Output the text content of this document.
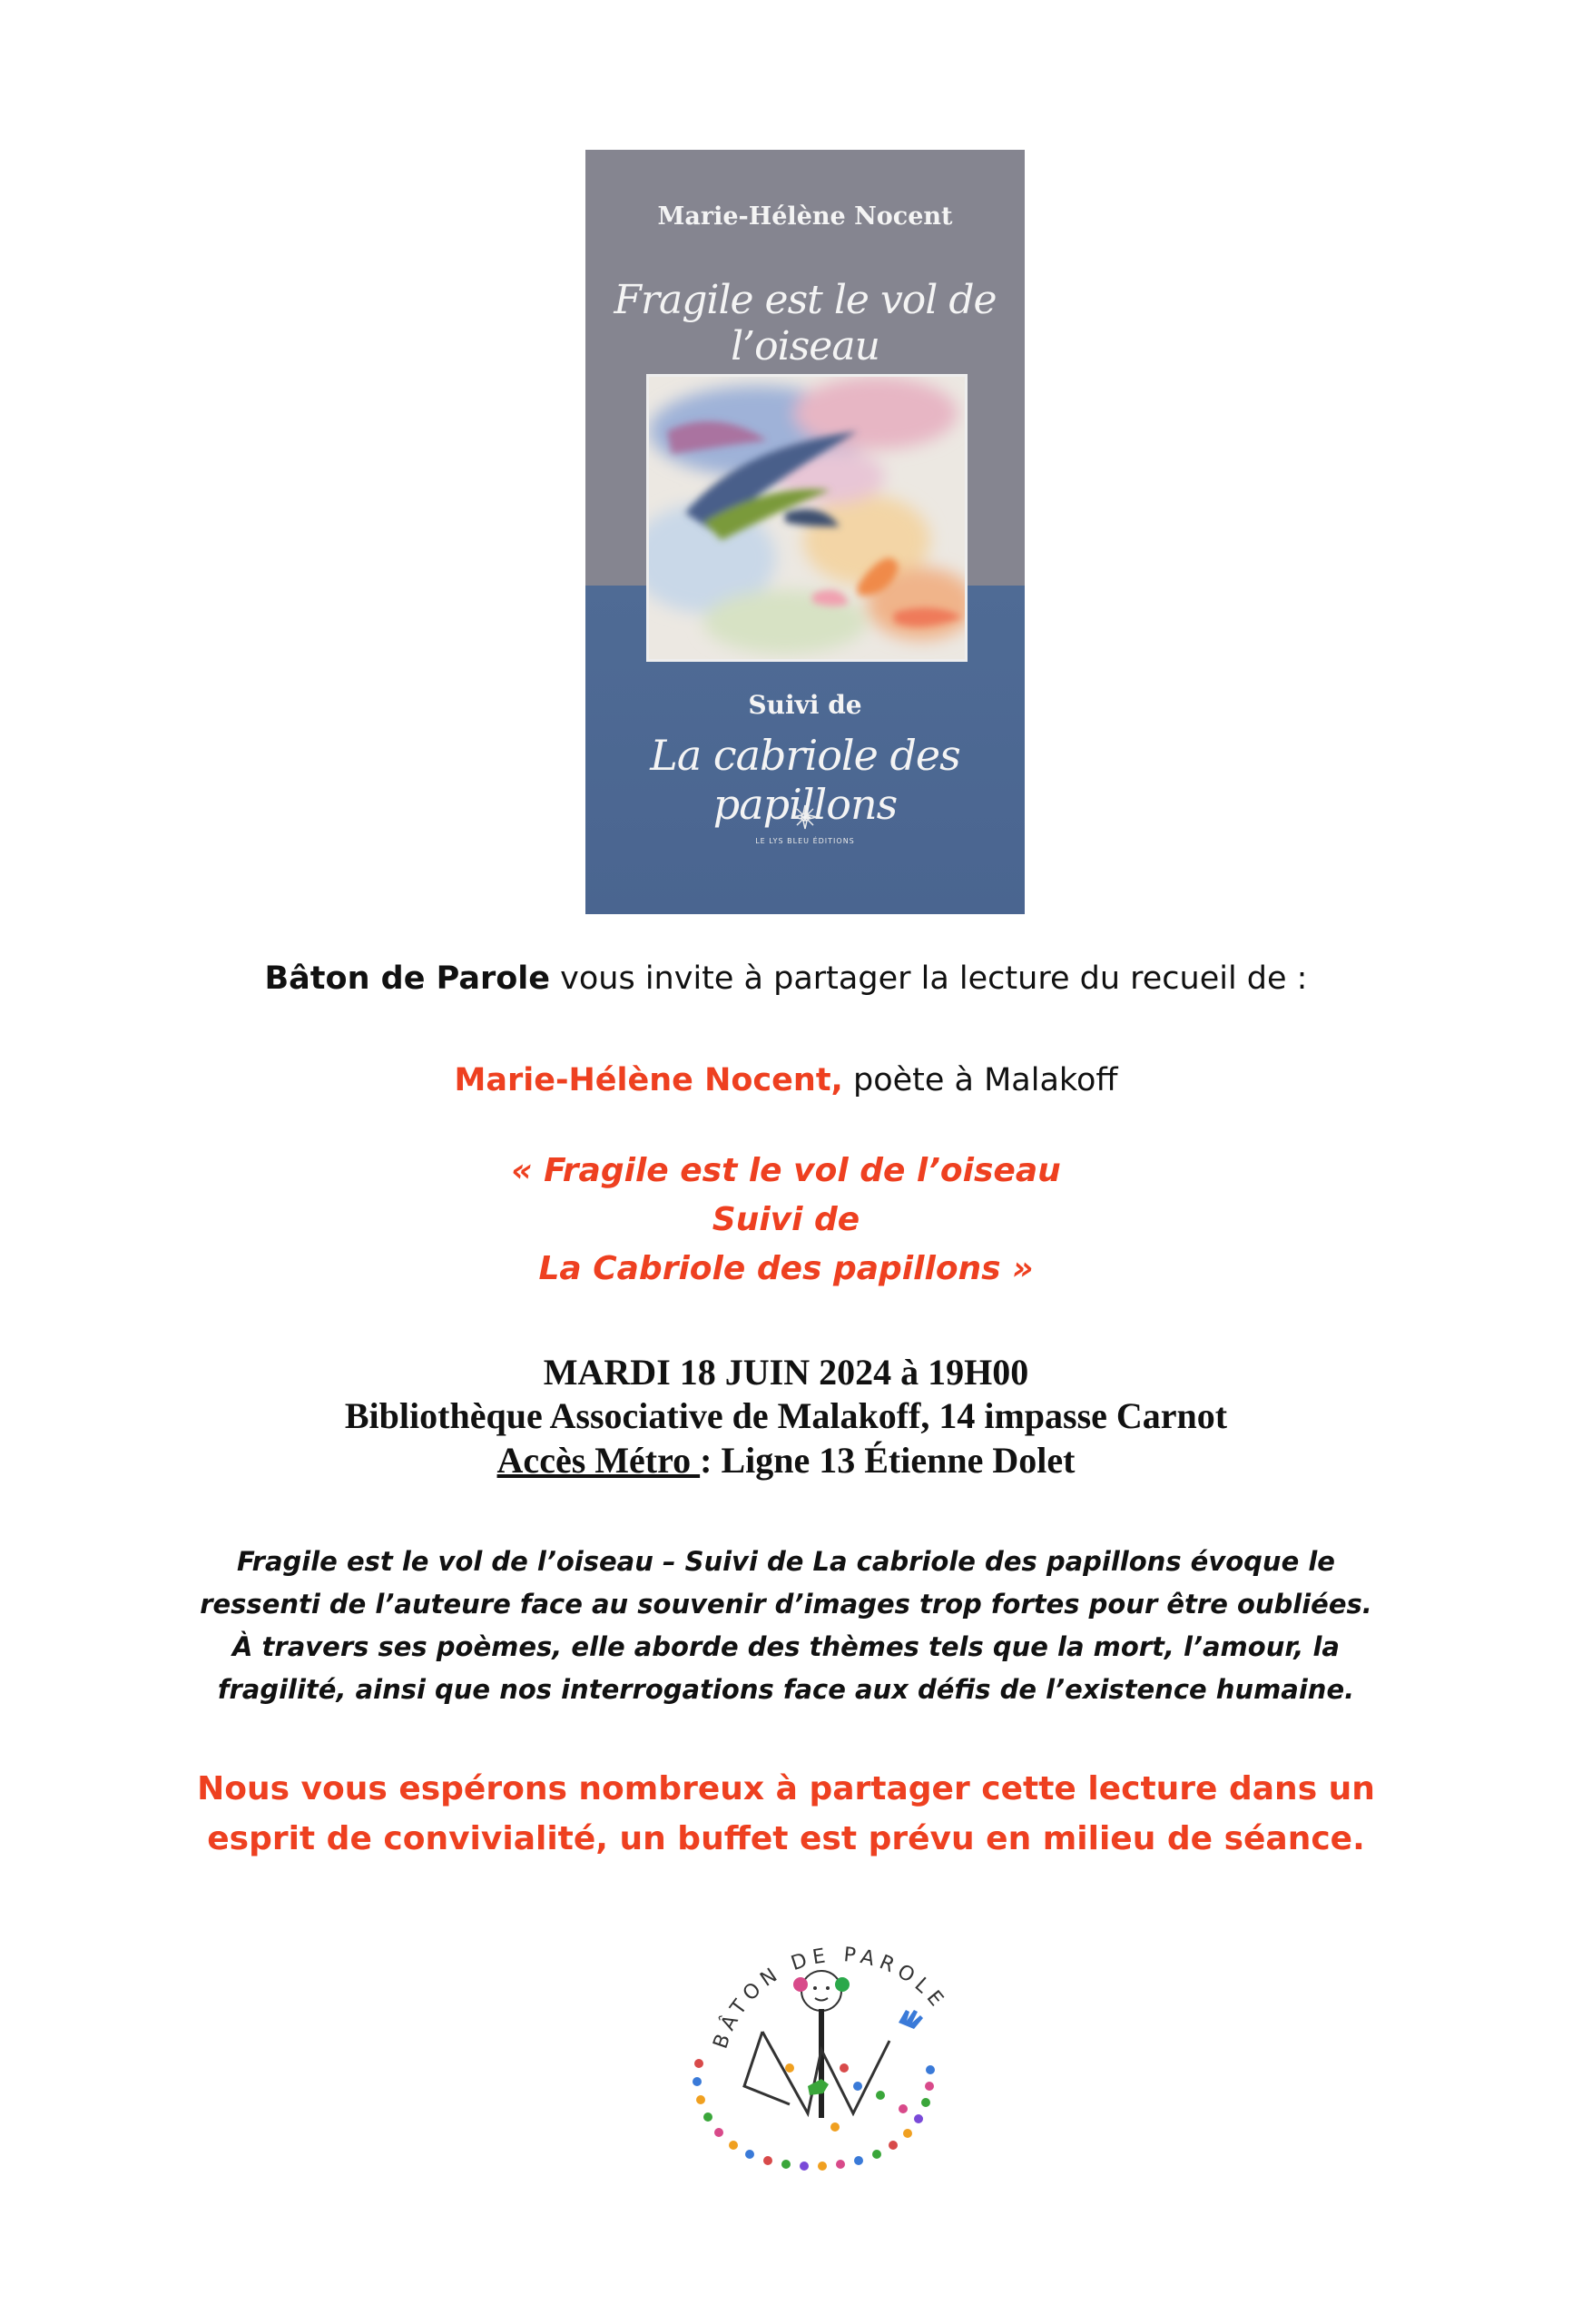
Marie-Hélène Nocent
Fragile est le vol de l’oiseau
Suivi de
La cabriole des papillons
LE LYS BLEU ÉDITIONS
Bâton de Parole vous invite à partager la lecture du recueil de :
Marie-Hélène Nocent, poète à Malakoff
« Fragile est le vol de l’oiseau
Suivi de
La Cabriole des papillons »
MARDI 18 JUIN 2024 à 19H00
Bibliothèque Associative de Malakoff, 14 impasse Carnot
Accès Métro : Ligne 13 Étienne Dolet
Fragile est le vol de l’oiseau – Suivi de La cabriole des papillons évoque le
ressenti de l’auteure face au souvenir d’images trop fortes pour être oubliées.
À travers ses poèmes, elle aborde des thèmes tels que la mort, l’amour, la
fragilité, ainsi que nos interrogations face aux défis de l’existence humaine.
Nous vous espérons nombreux à partager cette lecture dans un
esprit de convivialité, un buffet est prévu en milieu de séance.
BÂTON DE PAROLE
